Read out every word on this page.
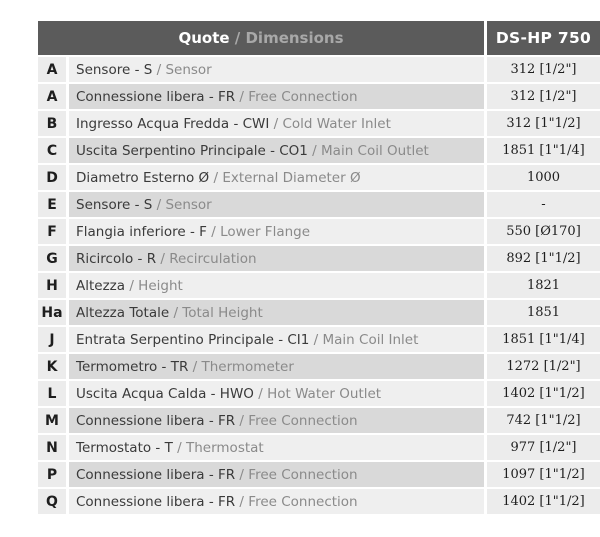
Quote / Dimensions		DS-HP 750
A	Sensore - S / Sensor	312 [1/2"]
A	Connessione libera - FR / Free Connection	312 [1/2"]
B	Ingresso Acqua Fredda - CWI / Cold Water Inlet	312 [1"1/2]
C	Uscita Serpentino Principale - CO1 / Main Coil Outlet	1851 [1"1/4]
D	Diametro Esterno Ø / External Diameter Ø	1000
E	Sensore - S / Sensor	-
F	Flangia inferiore - F / Lower Flange	550 [Ø170]
G	Ricircolo - R / Recirculation	892 [1"1/2]
H	Altezza / Height	1821
Ha	Altezza Totale / Total Height	1851
J	Entrata Serpentino Principale - CI1 / Main Coil Inlet	1851 [1"1/4]
K	Termometro - TR / Thermometer	1272 [1/2"]
L	Uscita Acqua Calda - HWO / Hot Water Outlet	1402 [1"1/2]
M	Connessione libera - FR / Free Connection	742 [1"1/2]
N	Termostato - T / Thermostat	977 [1/2"]
P	Connessione libera - FR / Free Connection	1097 [1"1/2]
Q	Connessione libera - FR / Free Connection	1402 [1"1/2]
